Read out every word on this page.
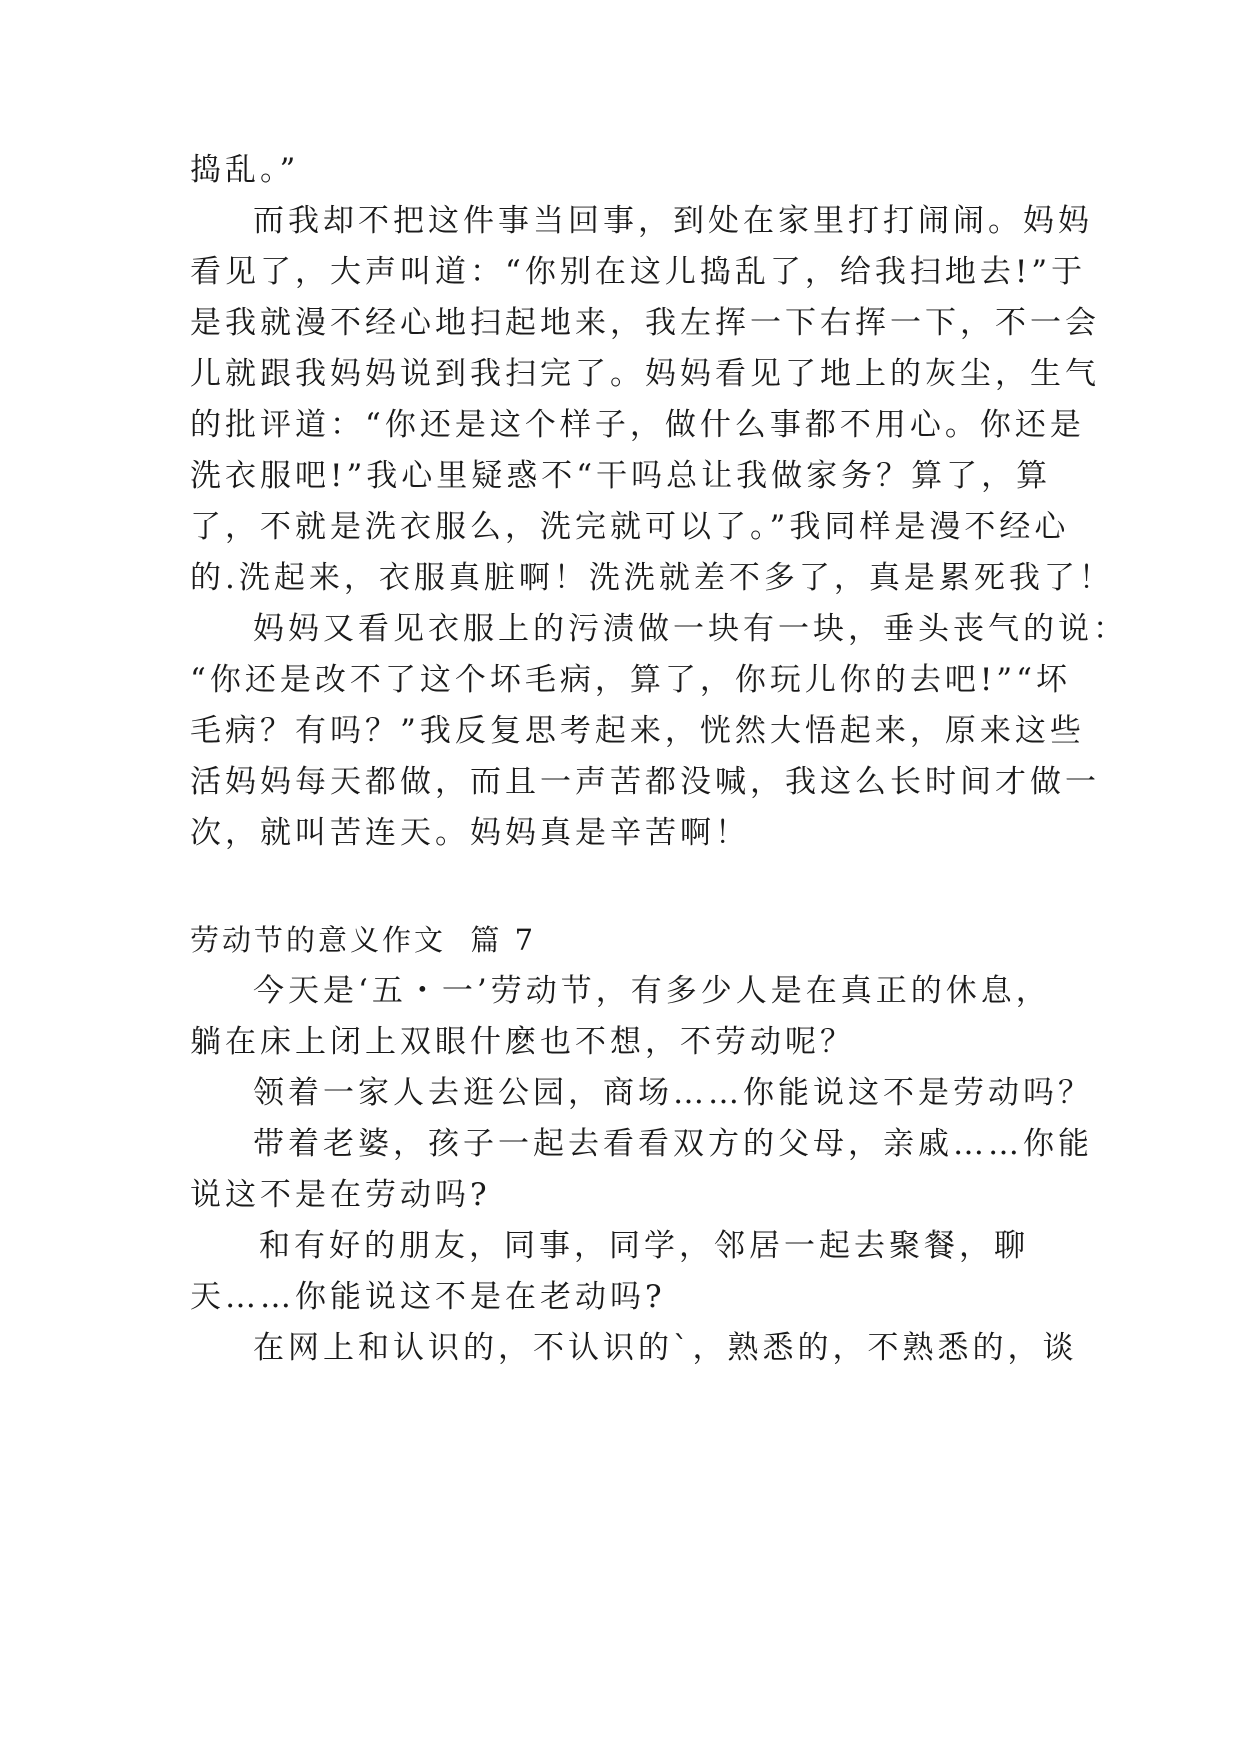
捣乱。”
而我却不把这件事当回事，到处在家里打打闹闹。妈妈
看见了，大声叫道：“你别在这儿捣乱了，给我扫地去!”于
是我就漫不经心地扫起地来，我左挥一下右挥一下，不一会
儿就跟我妈妈说到我扫完了。妈妈看见了地上的灰尘，生气
的批评道：“你还是这个样子，做什么事都不用心。你还是
洗衣服吧!”我心里疑惑不“干吗总让我做家务？算了，算
了，不就是洗衣服么，洗完就可以了。”我同样是漫不经心
的.洗起来，衣服真脏啊！洗洗就差不多了，真是累死我了！
妈妈又看见衣服上的污渍做一块有一块，垂头丧气的说：
“你还是改不了这个坏毛病，算了，你玩儿你的去吧!”“坏
毛病？有吗？”我反复思考起来，恍然大悟起来，原来这些
活妈妈每天都做，而且一声苦都没喊，我这么长时间才做一
次，就叫苦连天。妈妈真是辛苦啊！
劳动节的意义作文  篇 7
今天是‘五・一’劳动节，有多少人是在真正的休息，
躺在床上闭上双眼什麽也不想，不劳动呢？
领着一家人去逛公园，商场……你能说这不是劳动吗？
带着老婆，孩子一起去看看双方的父母，亲戚……你能
说这不是在劳动吗?
和有好的朋友，同事，同学，邻居一起去聚餐，聊
天……你能说这不是在老动吗?
在网上和认识的，不认识的`，熟悉的，不熟悉的，谈
